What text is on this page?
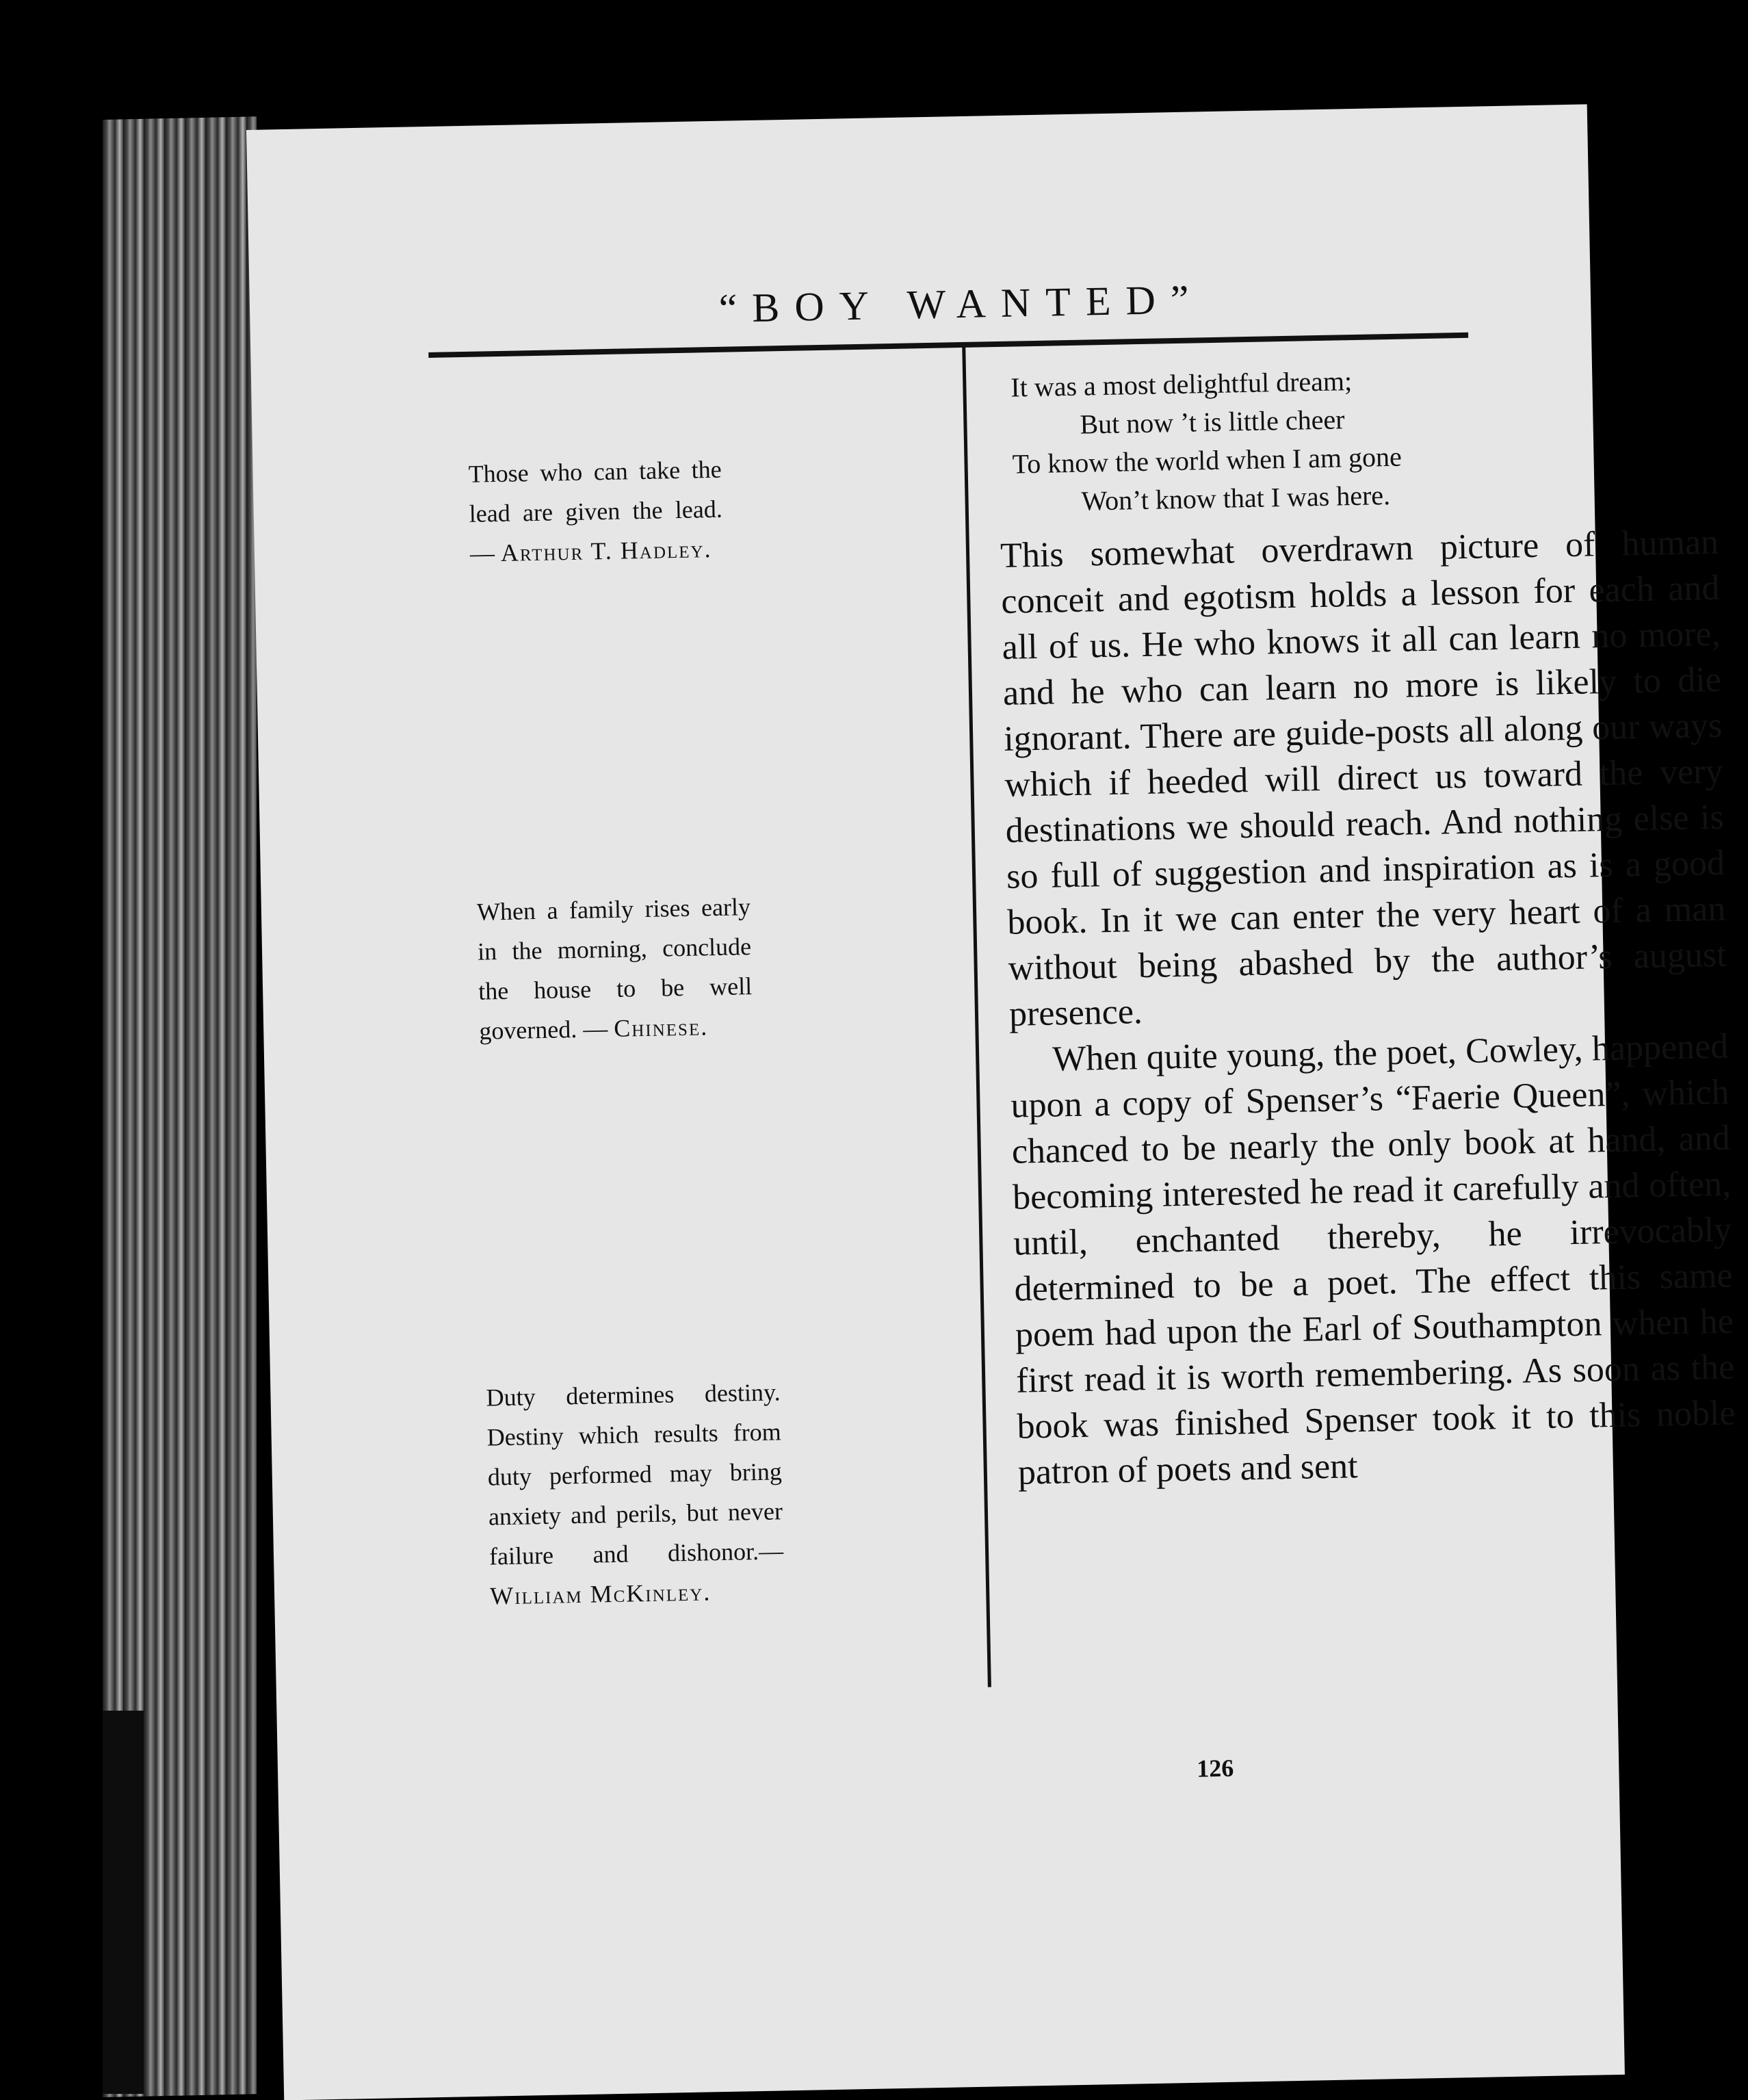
“BOY WANTED”
Those who can take the lead are given the lead. — Arthur T. Hadley.
When a family rises early in the morning, conclude the house to be well governed. — Chinese.
Duty determines destiny. Destiny which results from duty performed may bring anxiety and perils, but never failure and dishonor.— William McKinley.
It was a most delightful dream;
But now ’t is little cheer
To know the world when I am gone
Won’t know that I was here.

This somewhat overdrawn picture of human conceit and egotism holds a lesson for each and all of us. He who knows it all can learn no more, and he who can learn no more is likely to die ignorant. There are guide-posts all along our ways which if heeded will direct us toward the very destinations we should reach. And nothing else is so full of suggestion and inspiration as is a good book. In it we can enter the very heart of a man without being abashed by the author’s august presence.

When quite young, the poet, Cowley, happened upon a copy of Spenser’s “Faerie Queen”, which chanced to be nearly the only book at hand, and becoming interested he read it carefully and often, until, enchanted thereby, he irrevocably determined to be a poet. The effect this same poem had upon the Earl of Southampton when he first read it is worth remembering. As soon as the book was finished Spenser took it to this noble patron of poets and sent

126
